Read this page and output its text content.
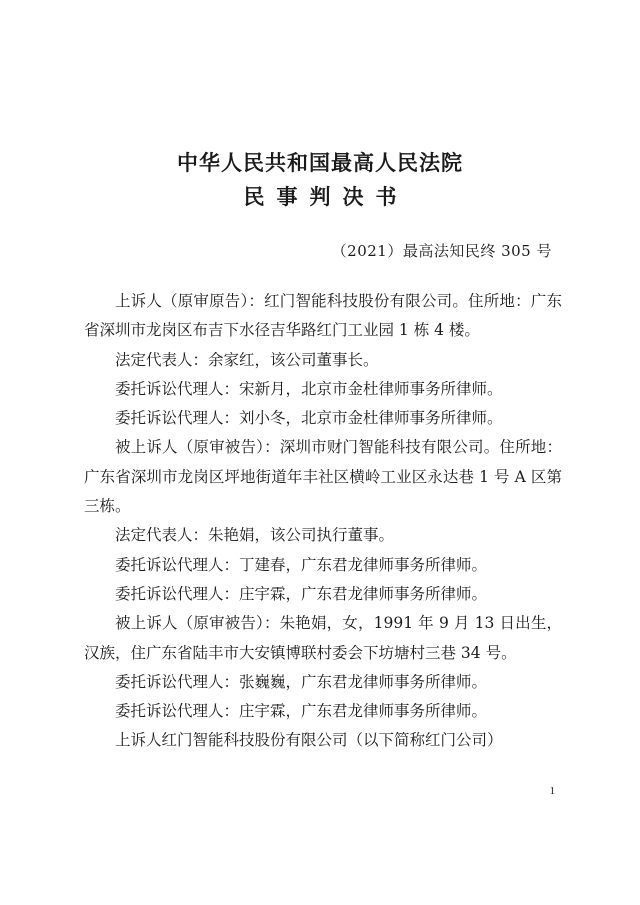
中华人民共和国最高人民法院
民事判决书
（2021）最高法知民终 305 号

上诉人（原审原告）：红门智能科技股份有限公司。住所地：广东省深圳市龙岗区布吉下水径吉华路红门工业园 1 栋 4 楼。

法定代表人：余家红，该公司董事长。

委托诉讼代理人：宋新月，北京市金杜律师事务所律师。

委托诉讼代理人：刘小冬，北京市金杜律师事务所律师。

被上诉人（原审被告）：深圳市财门智能科技有限公司。住所地：广东省深圳市龙岗区坪地街道年丰社区横岭工业区永达巷 1 号 A 区第三栋。

法定代表人：朱艳娟，该公司执行董事。

委托诉讼代理人：丁建春，广东君龙律师事务所律师。

委托诉讼代理人：庄宇霖，广东君龙律师事务所律师。

被上诉人（原审被告）：朱艳娟，女，1991 年 9 月 13 日出生，汉族，住广东省陆丰市大安镇博联村委会下坊塘村三巷 34 号。

委托诉讼代理人：张巍巍，广东君龙律师事务所律师。

委托诉讼代理人：庄宇霖，广东君龙律师事务所律师。

上诉人红门智能科技股份有限公司（以下简称红门公司）

1
